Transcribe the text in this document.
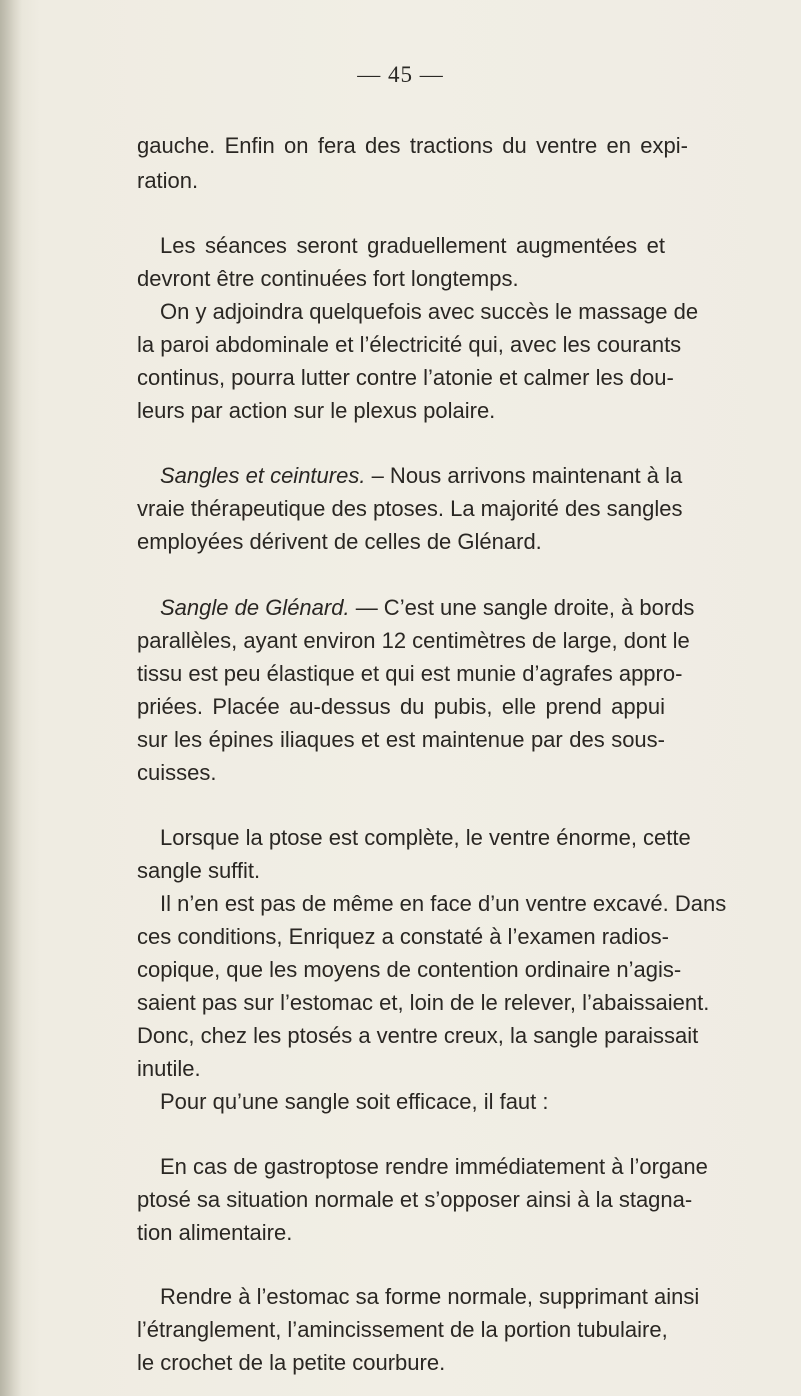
— 45 —
gauche. Enfin on fera des tractions du ventre en expi-
ration.
Les séances seront graduellement augmentées et
devront être continuées fort longtemps.
On y adjoindra quelquefois avec succès le massage de
la paroi abdominale et l’électricité qui, avec les courants
continus, pourra lutter contre l’atonie et calmer les dou-
leurs par action sur le plexus polaire.
Sangles et ceintures. – Nous arrivons maintenant à la
vraie thérapeutique des ptoses. La majorité des sangles
employées dérivent de celles de Glénard.
Sangle de Glénard. — C’est une sangle droite, à bords
parallèles, ayant environ 12 centimètres de large, dont le
tissu est peu élastique et qui est munie d’agrafes appro-
priées. Placée au-dessus du pubis, elle prend appui
sur les épines iliaques et est maintenue par des sous-
cuisses.
Lorsque la ptose est complète, le ventre énorme, cette
sangle suffit.
Il n’en est pas de même en face d’un ventre excavé. Dans
ces conditions, Enriquez a constaté à l’examen radios-
copique, que les moyens de contention ordinaire n’agis-
saient pas sur l’estomac et, loin de le relever, l’abaissaient.
Donc, chez les ptosés a ventre creux, la sangle paraissait
inutile.
Pour qu’une sangle soit efficace, il faut :
En cas de gastroptose rendre immédiatement à l’organe
ptosé sa situation normale et s’opposer ainsi à la stagna-
tion alimentaire.
Rendre à l’estomac sa forme normale, supprimant ainsi
l’étranglement, l’amincissement de la portion tubulaire,
le crochet de la petite courbure.
